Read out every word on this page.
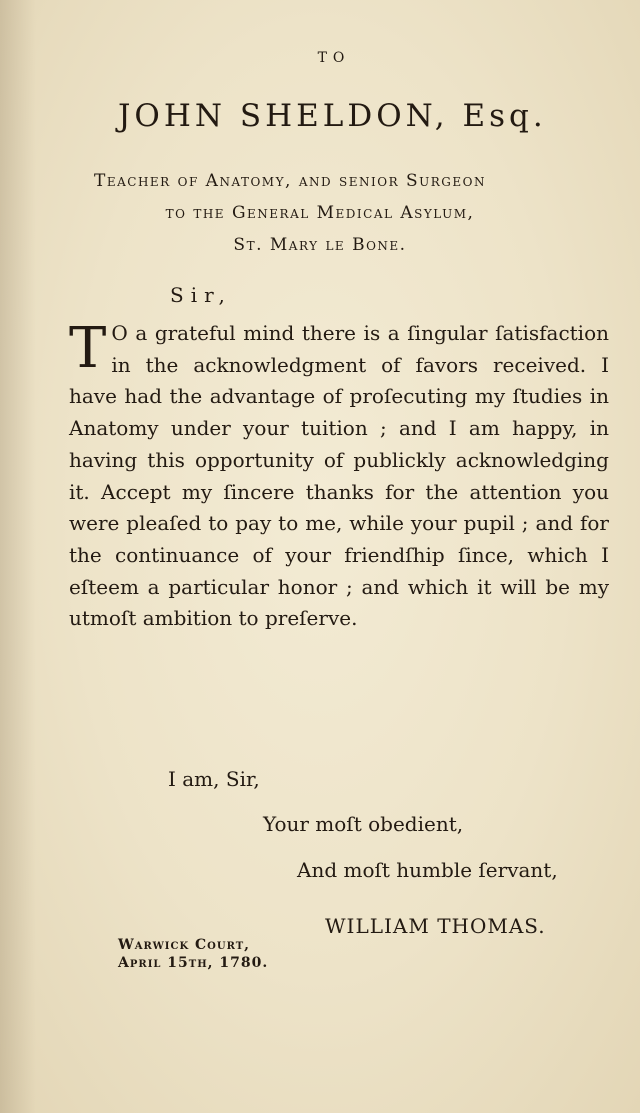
TO
JOHN SHELDON, Esq.
Teacher of Anatomy, and senior Surgeon
to the General Medical Asylum,
St. Mary le Bone.
Sir,
T O a grateful mind there is a ſingular ſatisfaction in the acknowledgment of favors received. I have had the advantage of proſecuting my ſtudies in Anatomy under your tuition ; and I am happy, in having this opportunity of publickly acknowledging it. Accept my ſincere thanks for the attention you were pleaſed to pay to me, while your pupil ; and for the continuance of your friendſhip ſince, which I eſteem a particular honor ; and which it will be my utmoſt ambition to preſerve.
I am, Sir,
Your moſt obedient,
And moſt humble ſervant,
WILLIAM THOMAS.
Warwick Court,
April 15th, 1780.
